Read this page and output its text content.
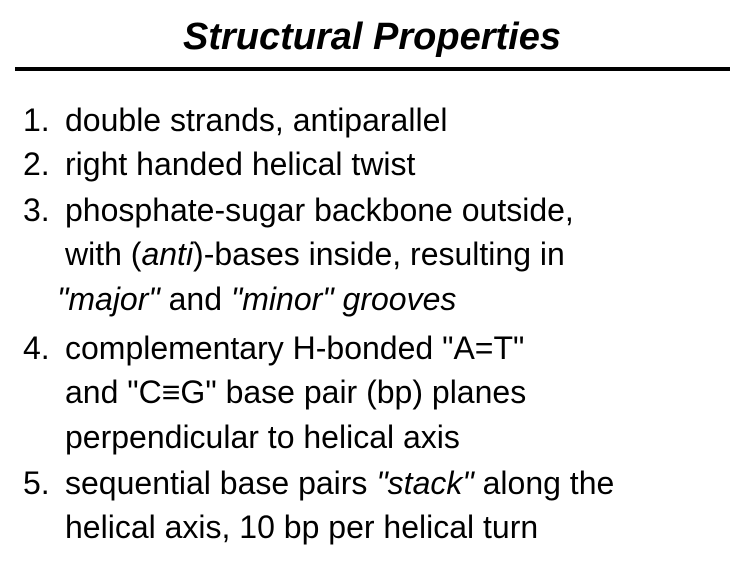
Structural Properties
1. double strands, antiparallel
2. right handed helical twist
3. phosphate-sugar backbone outside,
with (anti)-bases inside, resulting in
"major" and "minor" grooves
4. complementary H-bonded "A=T"
and "C≡G" base pair (bp) planes
perpendicular to helical axis
5. sequential base pairs "stack" along the
helical axis, 10 bp per helical turn
